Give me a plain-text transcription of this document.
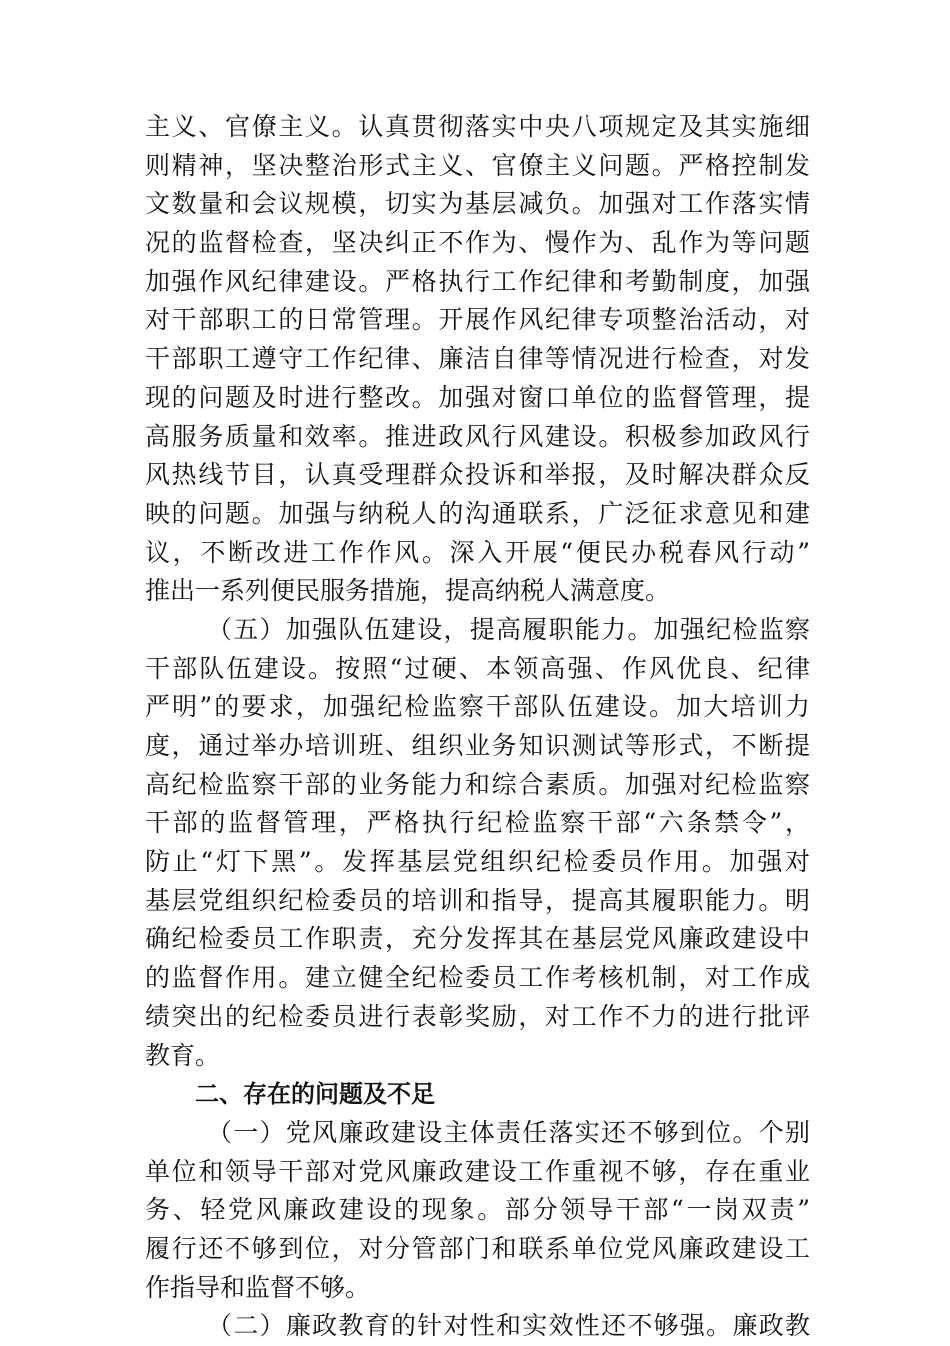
主义、官僚主义。认真贯彻落实中央八项规定及其实施细
则精神，坚决整治形式主义、官僚主义问题。严格控制发
文数量和会议规模，切实为基层减负。加强对工作落实情
况的监督检查，坚决纠正不作为、慢作为、乱作为等问题
加强作风纪律建设。严格执行工作纪律和考勤制度，加强
对干部职工的日常管理。开展作风纪律专项整治活动，对
干部职工遵守工作纪律、廉洁自律等情况进行检查，对发
现的问题及时进行整改。加强对窗口单位的监督管理，提
高服务质量和效率。推进政风行风建设。积极参加政风行
风热线节目，认真受理群众投诉和举报，及时解决群众反
映的问题。加强与纳税人的沟通联系，广泛征求意见和建
议，不断改进工作作风。深入开展“便民办税春风行动”
推出一系列便民服务措施，提高纳税人满意度。
（五）加强队伍建设，提高履职能力。加强纪检监察
干部队伍建设。按照“过硬、本领高强、作风优良、纪律
严明”的要求，加强纪检监察干部队伍建设。加大培训力
度，通过举办培训班、组织业务知识测试等形式，不断提
高纪检监察干部的业务能力和综合素质。加强对纪检监察
干部的监督管理，严格执行纪检监察干部“六条禁令”，
防止“灯下黑”。发挥基层党组织纪检委员作用。加强对
基层党组织纪检委员的培训和指导，提高其履职能力。明
确纪检委员工作职责，充分发挥其在基层党风廉政建设中
的监督作用。建立健全纪检委员工作考核机制，对工作成
绩突出的纪检委员进行表彰奖励，对工作不力的进行批评
教育。
二、存在的问题及不足
（一）党风廉政建设主体责任落实还不够到位。个别
单位和领导干部对党风廉政建设工作重视不够，存在重业
务、轻党风廉政建设的现象。部分领导干部“一岗双责”
履行还不够到位，对分管部门和联系单位党风廉政建设工
作指导和监督不够。
（二）廉政教育的针对性和实效性还不够强。廉政教
